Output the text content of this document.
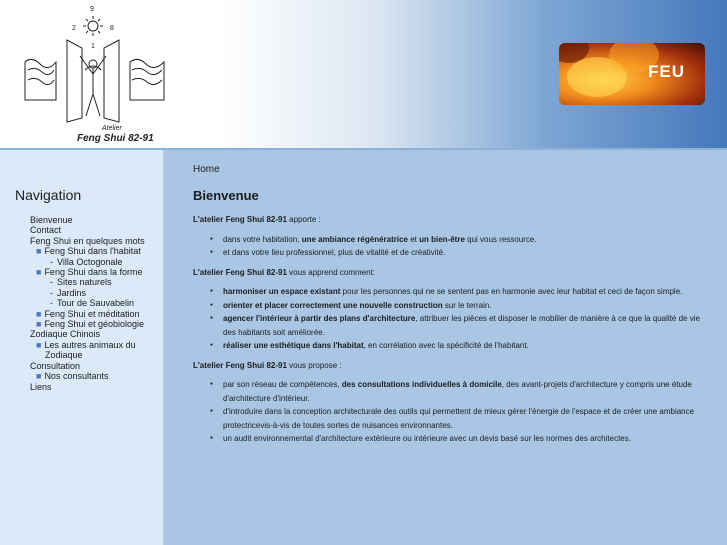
9
2	8
1
Atelier
Feng Shui 82-91
FEU
Navigation
Bienvenue
Contact
Feng Shui en quelques mots
■ Feng Shui dans l'habitat
- Villa Octogonale
■ Feng Shui dans la forme
- Sites naturels
- Jardins
- Tour de Sauvabelin
■ Feng Shui et méditation
■ Feng Shui et géobiologie
Zodiaque Chinois
■ Les autres animaux du
Zodiaque
Consultation
■ Nos consultants
Liens
Home
Bienvenue

L'atelier Feng Shui 82-91 apporte :

● dans votre habitation, une ambiance régénératrice et un bien-être qui vous ressource.
● et dans votre lieu professionnel, plus de vitalité et de créativité.

L'atelier Feng Shui 82-91 vous apprend comment:

● harmoniser un espace existant pour les personnes qui ne se sentent pas en harmonie avec leur habitat et ceci de façon simple.
● orienter et placer correctement une nouvelle construction sur le terrain.
● agencer l'intérieur à partir des plans d'architecture, attribuer les pièces et disposer le mobilier de manière à ce que la qualité de vie des habitants soit améliorée.
● réaliser une esthétique dans l'habitat, en corrélation avec la spécificité de l'habitant.

L'atelier Feng Shui 82-91 vous propose :

● par son réseau de compétences, des consultations individuelles à domicile, des avant-projets d'architecture y compris une étude d'architecture d'intérieur.
● d'introduire dans la conception architecturale des outils qui permettent de mieux gérer l'énergie de l'espace et de créer une ambiance protectricevis-à-vis de toutes sortes de nuisances environnantes.
● un audit environnemental d'architecture extérieure ou intérieure avec un devis basé sur les normes des architectes.
